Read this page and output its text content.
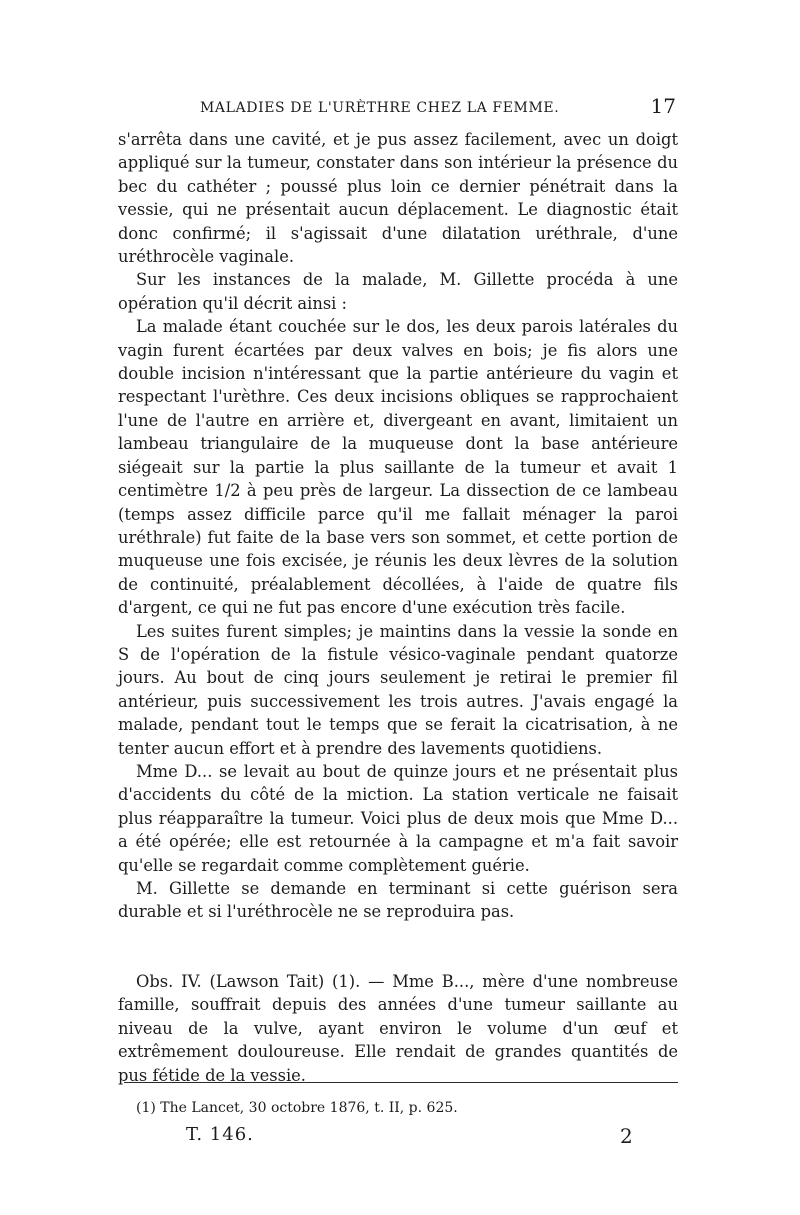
MALADIES DE L'URÈTHRE CHEZ LA FEMME.	17

s'arrêta dans une cavité, et je pus assez facilement, avec un doigt appliqué sur la tumeur, constater dans son intérieur la présence du bec du cathéter ; poussé plus loin ce dernier pénétrait dans la vessie, qui ne présentait aucun déplacement. Le diagnostic était donc confirmé; il s'agissait d'une dilatation uréthrale, d'une uréthrocèle vaginale.

Sur les instances de la malade, M. Gillette procéda à une opération qu'il décrit ainsi :

La malade étant couchée sur le dos, les deux parois latérales du vagin furent écartées par deux valves en bois; je fis alors une double incision n'intéressant que la partie antérieure du vagin et respectant l'urèthre. Ces deux incisions obliques se rapprochaient l'une de l'autre en arrière et, divergeant en avant, limitaient un lambeau triangulaire de la muqueuse dont la base antérieure siégeait sur la partie la plus saillante de la tumeur et avait 1 centimètre 1/2 à peu près de largeur. La dissection de ce lambeau (temps assez difficile parce qu'il me fallait ménager la paroi uréthrale) fut faite de la base vers son sommet, et cette portion de muqueuse une fois excisée, je réunis les deux lèvres de la solution de continuité, préalablement décollées, à l'aide de quatre fils d'argent, ce qui ne fut pas encore d'une exécution très facile.

Les suites furent simples; je maintins dans la vessie la sonde en S de l'opération de la fistule vésico-vaginale pendant quatorze jours. Au bout de cinq jours seulement je retirai le premier fil antérieur, puis successivement les trois autres. J'avais engagé la malade, pendant tout le temps que se ferait la cicatrisation, à ne tenter aucun effort et à prendre des lavements quotidiens.

Mme D... se levait au bout de quinze jours et ne présentait plus d'accidents du côté de la miction. La station verticale ne faisait plus réapparaître la tumeur. Voici plus de deux mois que Mme D... a été opérée; elle est retournée à la campagne et m'a fait savoir qu'elle se regardait comme complètement guérie.

M. Gillette se demande en terminant si cette guérison sera durable et si l'uréthrocèle ne se reproduira pas.

Obs. IV. (Lawson Tait) (1). — Mme B..., mère d'une nombreuse famille, souffrait depuis des années d'une tumeur saillante au niveau de la vulve, ayant environ le volume d'un œuf et extrêmement douloureuse. Elle rendait de grandes quantités de pus fétide de la vessie.

(1) The Lancet, 30 octobre 1876, t. II, p. 625.
T. 146.	2
